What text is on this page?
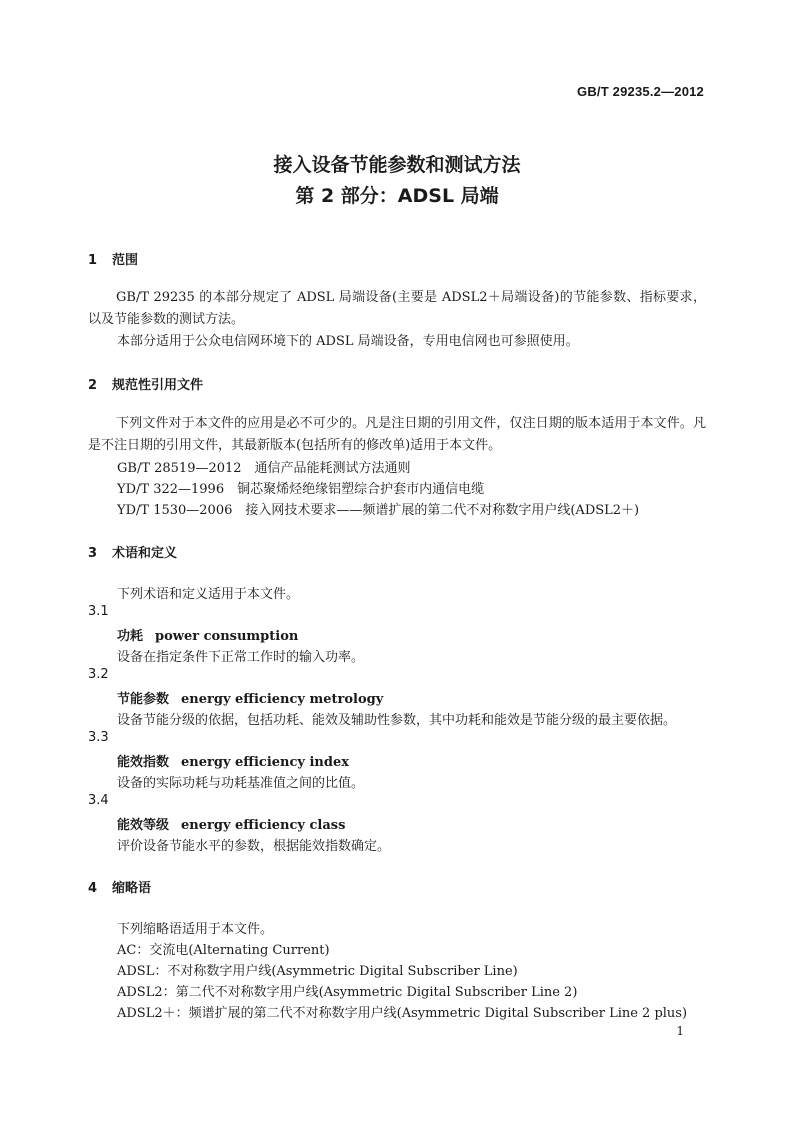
GB/T 29235.2—2012
接入设备节能参数和测试方法
第 2 部分：ADSL 局端
1 范围
GB/T 29235 的本部分规定了 ADSL 局端设备(主要是 ADSL2＋局端设备)的节能参数、指标要求，以及节能参数的测试方法。
本部分适用于公众电信网环境下的 ADSL 局端设备，专用电信网也可参照使用。
2 规范性引用文件
下列文件对于本文件的应用是必不可少的。凡是注日期的引用文件，仅注日期的版本适用于本文件。凡是不注日期的引用文件，其最新版本(包括所有的修改单)适用于本文件。
GB/T 28519—2012　通信产品能耗测试方法通则
YD/T 322—1996　铜芯聚烯烃绝缘铝塑综合护套市内通信电缆
YD/T 1530—2006　接入网技术要求——频谱扩展的第二代不对称数字用户线(ADSL2＋)
3 术语和定义
下列术语和定义适用于本文件。
3.1
功耗 power consumption
设备在指定条件下正常工作时的输入功率。
3.2
节能参数 energy efficiency metrology
设备节能分级的依据，包括功耗、能效及辅助性参数，其中功耗和能效是节能分级的最主要依据。
3.3
能效指数 energy efficiency index
设备的实际功耗与功耗基准值之间的比值。
3.4
能效等级 energy efficiency class
评价设备节能水平的参数，根据能效指数确定。
4 缩略语
下列缩略语适用于本文件。
AC：交流电(Alternating Current)
ADSL：不对称数字用户线(Asymmetric Digital Subscriber Line)
ADSL2：第二代不对称数字用户线(Asymmetric Digital Subscriber Line 2)
ADSL2＋：频谱扩展的第二代不对称数字用户线(Asymmetric Digital Subscriber Line 2 plus)
1
